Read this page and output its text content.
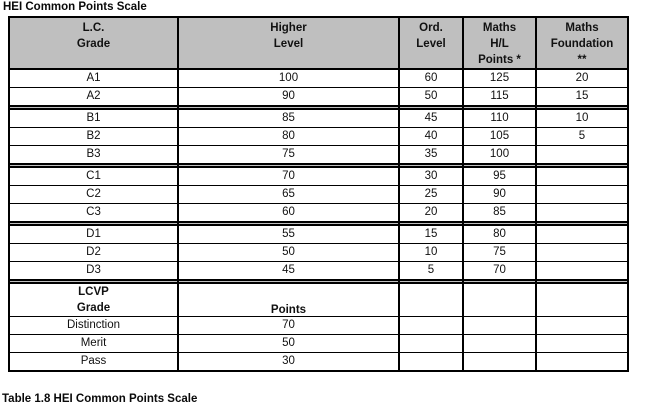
HEI Common Points Scale
L.C.
Grade

Higher
Level

Ord.
Level

Maths
H/L
Points *

Maths
Foundation
**

A1	100	60	125	20
A2	90	50	115	15

B1	85	45	110	10
B2	80	40	105	5
B3	75	35	100	

C1	70	30	95	
C2	65	25	90	
C3	60	20	85	

D1	55	15	80	
D2	50	10	75	
D3	45	5	70	

LCVP
Grade	Points			
Distinction	70			
Merit	50			
Pass	30			
Table 1.8 HEI Common Points Scale
